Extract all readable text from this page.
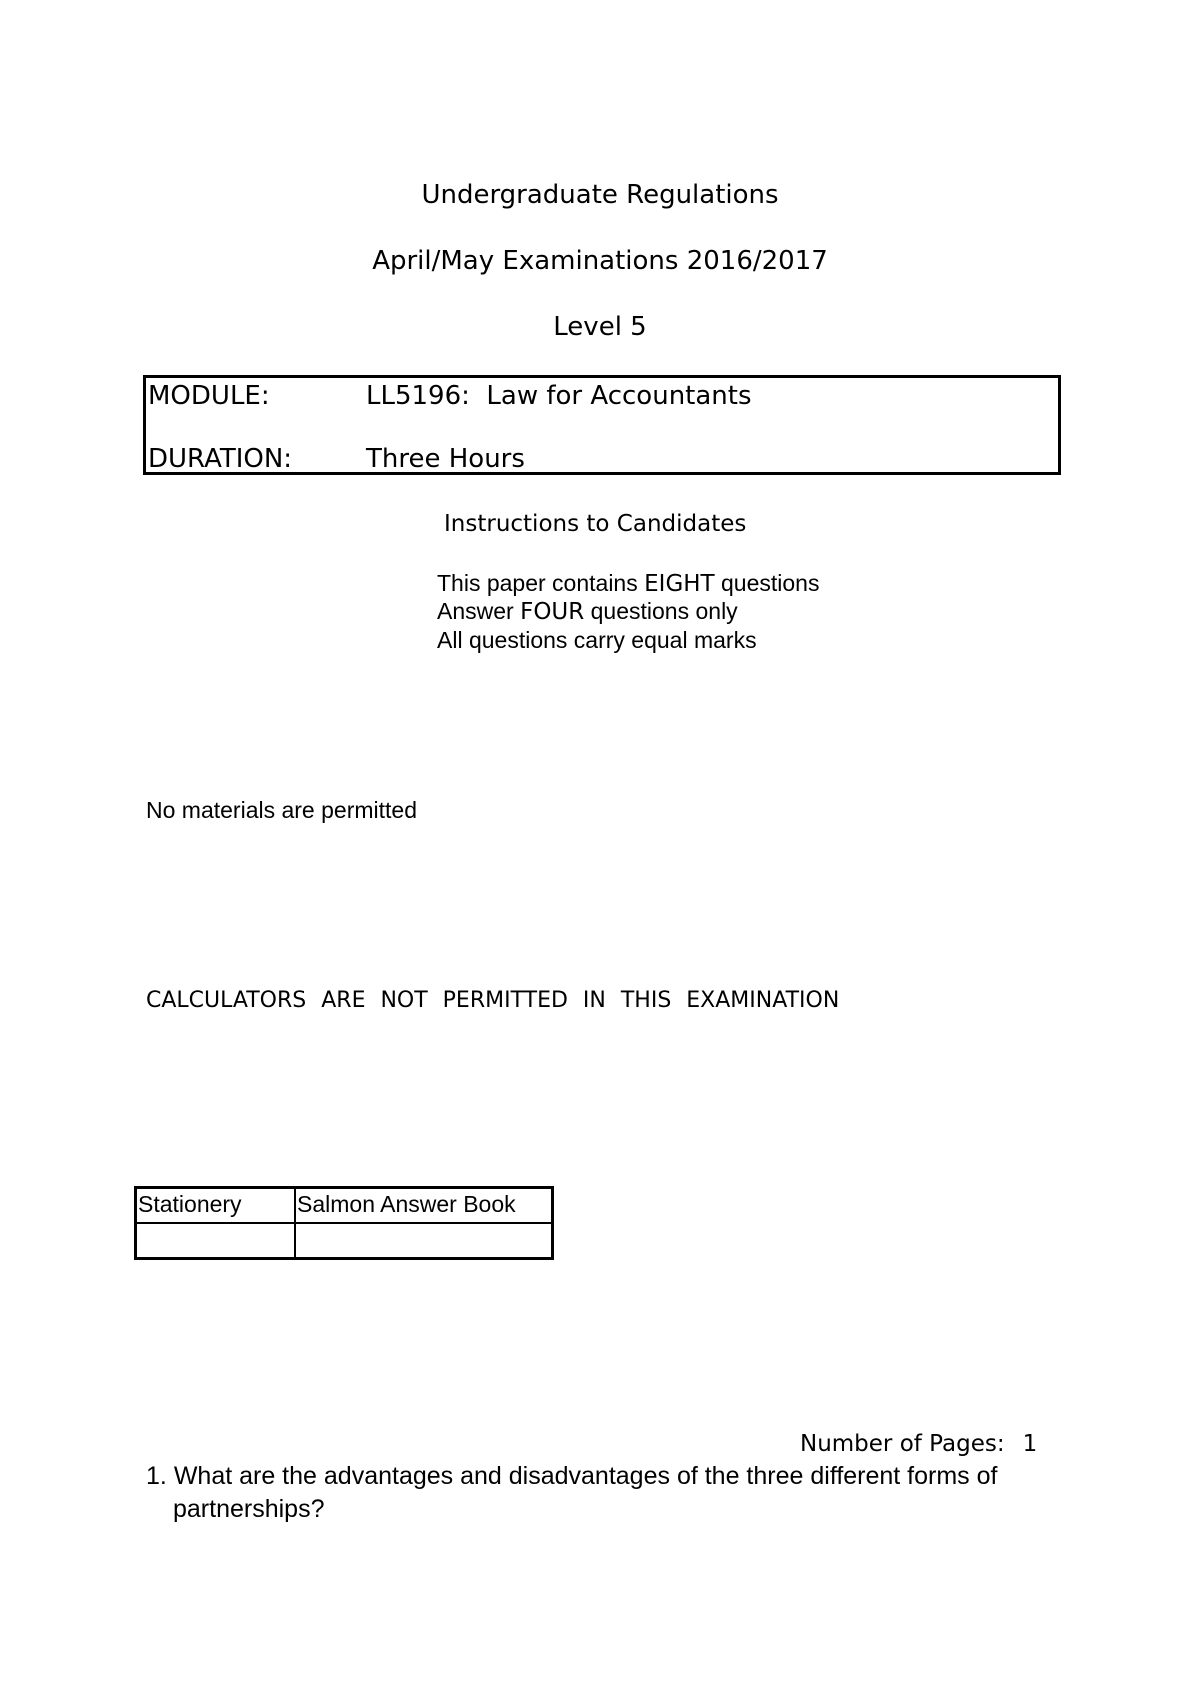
Undergraduate Regulations
April/May Examinations 2016/2017
Level 5
MODULE:	LL5196:  Law for Accountants
DURATION:	Three Hours
Instructions to Candidates
This paper contains EIGHT questions
Answer FOUR questions only
All questions carry equal marks
No materials are permitted
CALCULATORS ARE NOT PERMITTED IN THIS EXAMINATION
Stationery	Salmon Answer Book

Number of Pages: 1
1. What are the advantages and disadvantages of the three different forms of
partnerships?
